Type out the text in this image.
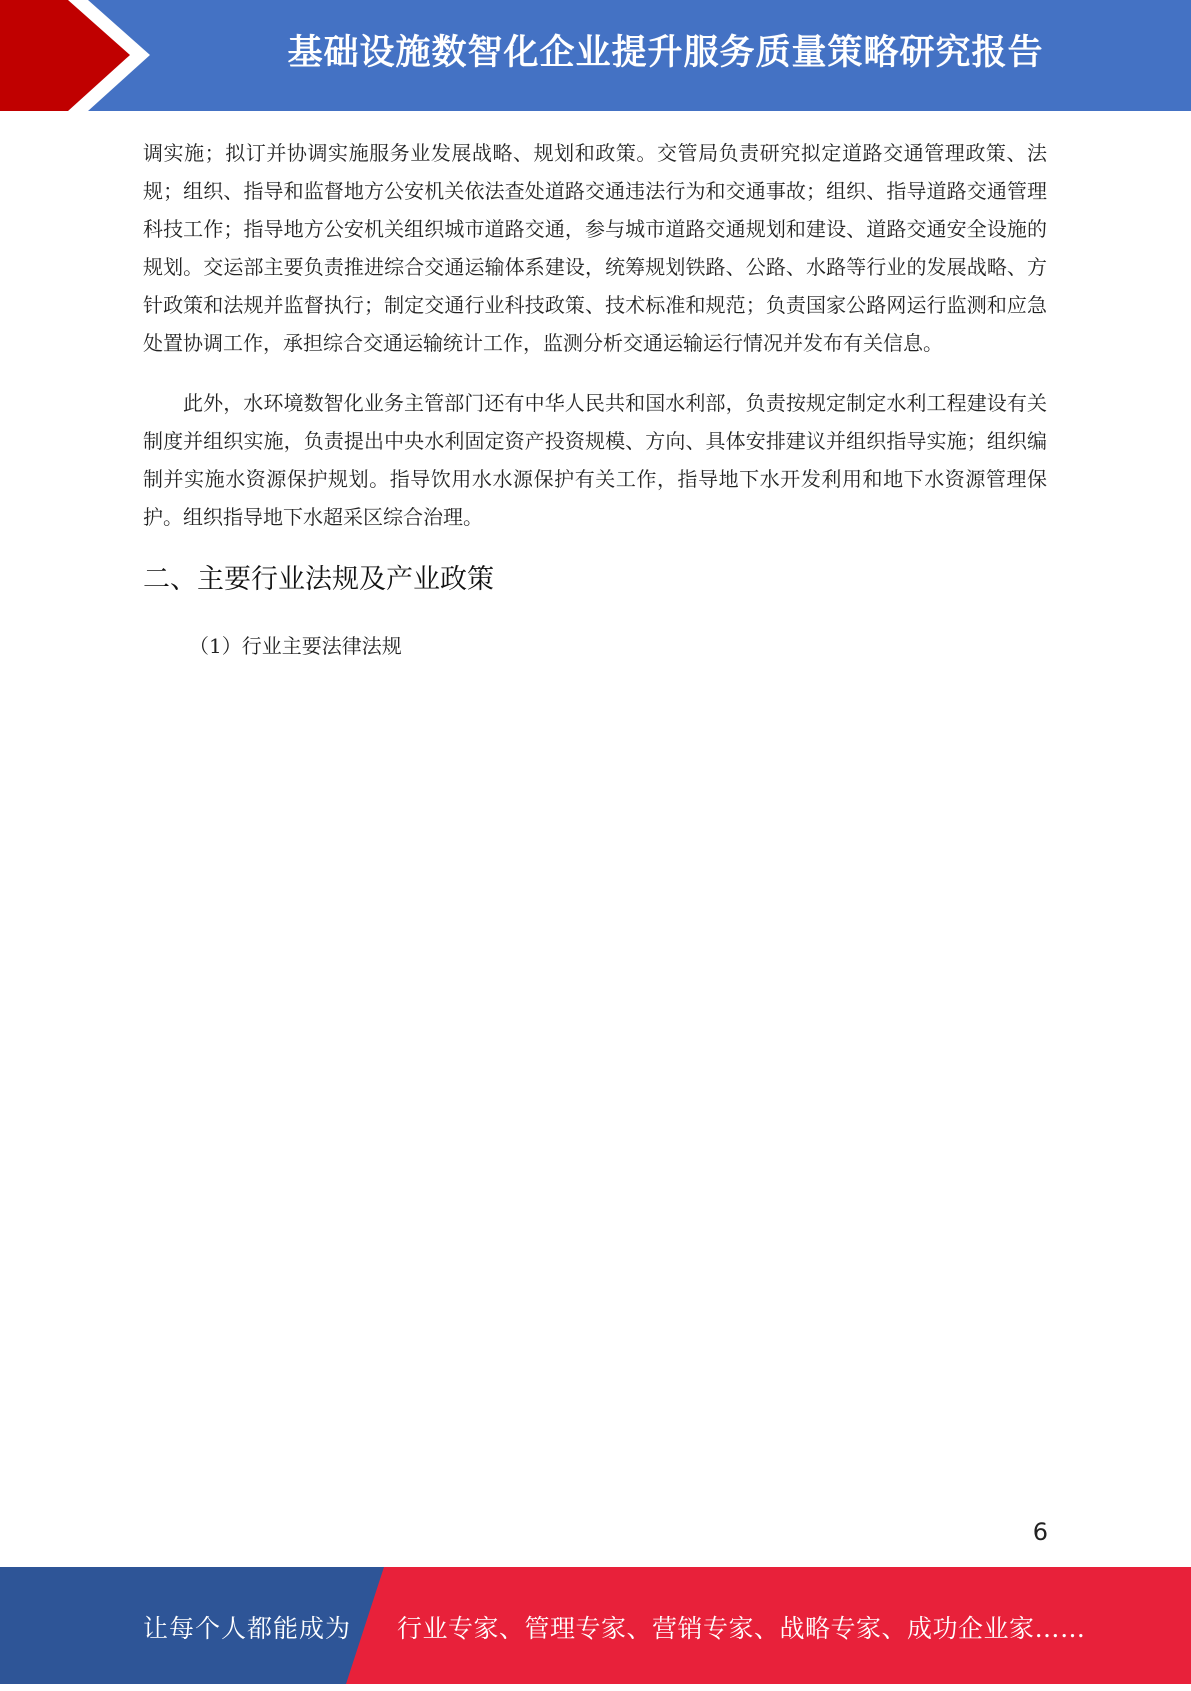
基础设施数智化企业提升服务质量策略研究报告

调实施；拟订并协调实施服务业发展战略、规划和政策。交管局负责研究拟定道路交通管理政策、法规；组织、指导和监督地方公安机关依法查处道路交通违法行为和交通事故；组织、指导道路交通管理科技工作；指导地方公安机关组织城市道路交通，参与城市道路交通规划和建设、道路交通安全设施的规划。交运部主要负责推进综合交通运输体系建设，统筹规划铁路、公路、水路等行业的发展战略、方针政策和法规并监督执行；制定交通行业科技政策、技术标准和规范；负责国家公路网运行监测和应急处置协调工作，承担综合交通运输统计工作，监测分析交通运输运行情况并发布有关信息。

此外，水环境数智化业务主管部门还有中华人民共和国水利部，负责按规定制定水利工程建设有关制度并组织实施，负责提出中央水利固定资产投资规模、方向、具体安排建议并组织指导实施；组织编制并实施水资源保护规划。指导饮用水水源保护有关工作，指导地下水开发利用和地下水资源管理保护。组织指导地下水超采区综合治理。

二、主要行业法规及产业政策
（1）行业主要法律法规
6
让每个人都能成为 行业专家、管理专家、营销专家、战略专家、成功企业家……
